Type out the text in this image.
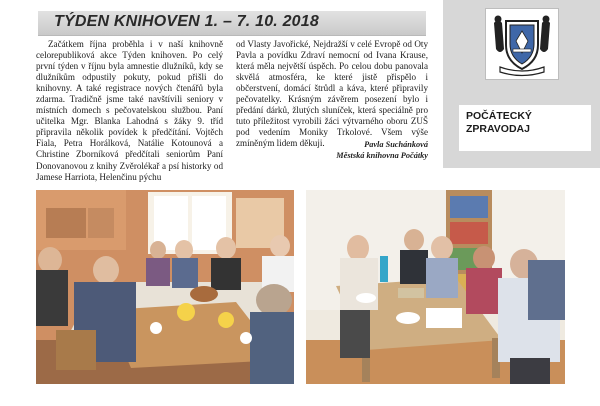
TÝDEN KNIHOVEN 1. – 7. 10. 2018
Začátkem října proběhla i v naší knihovně celorepubliková akce Týden knihoven. Po celý první týden v říjnu byla amnestie dlužníků, kdy se dlužníkům odpustily pokuty, pokud přišli do knihovny. A také registrace nových čtenářů byla zdarma. Tradičně jsme také navštívili seniory v místních domech s pečovatelskou službou. Paní učitelka Mgr. Blanka Lahodná s žáky 9. tříd připravila několik povídek k předčítání. Vojtěch Fiala, Petra Horálková, Natálie Kotounová a Christine Zborníková předčítali seniorům Paní Donovanovou z knihy Zvěrolékař a psí historky od Jamese Harriota, Helenčinu pýchu
od Vlasty Javořické, Nejdražší v celé Evropě od Oty Pavla a povídku Zdraví nemocní od Ivana Krause, která měla největší úspěch. Po celou dobu panovala skvělá atmosféra, ke které jistě přispělo i občerstvení, domácí štrůdl a káva, které připravily pečovatelky. Krásným závěrem posezení bylo i předání dárků, žlutých sluníček, která speciálně pro tuto příležitost vyrobili žáci výtvarného oboru ZUŠ pod vedením Moniky Trkolové. Všem výše zmíněným lidem děkuji.	Pavla Suchánková
Městská knihovna Počátky
POČÁTECKÝ
ZPRAVODAJ
